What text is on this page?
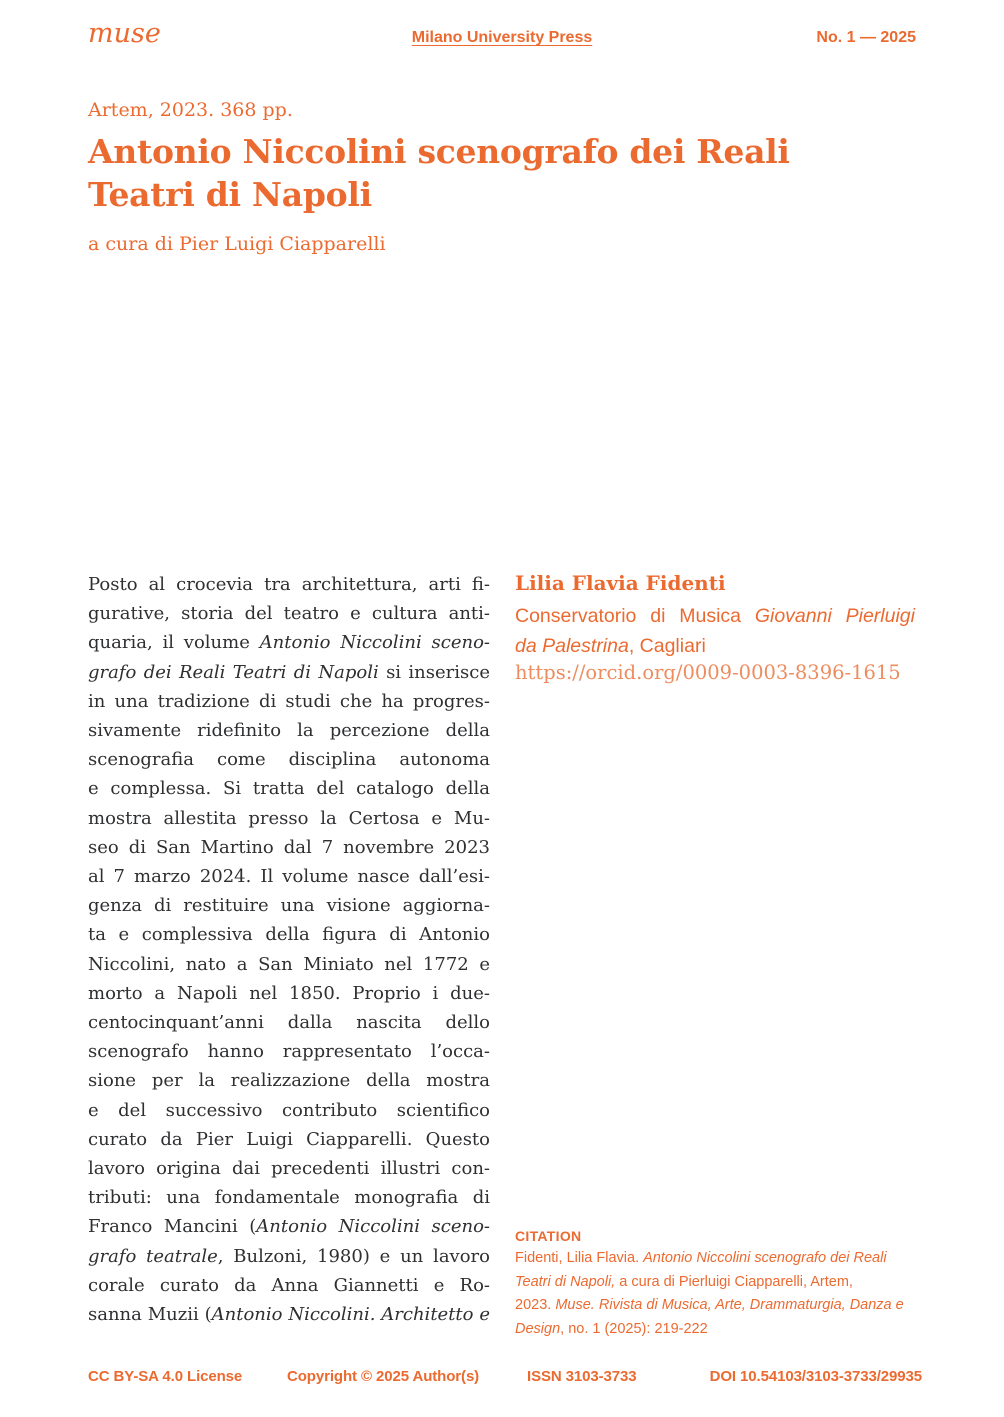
muse	Milano University Press	No. 1 — 2025
Artem, 2023. 368 pp.
Antonio Niccolini scenografo dei Reali
Teatri di Napoli
a cura di Pier Luigi Ciapparelli
Posto al crocevia tra architettura, arti fi-
gurative, storia del teatro e cultura anti-
quaria, il volume Antonio Niccolini sceno-
grafo dei Reali Teatri di Napoli si inserisce
in una tradizione di studi che ha progres-
sivamente ridefinito la percezione della
scenografia come disciplina autonoma
e complessa. Si tratta del catalogo della
mostra allestita presso la Certosa e Mu-
seo di San Martino dal 7 novembre 2023
al 7 marzo 2024. Il volume nasce dall’esi-
genza di restituire una visione aggiorna-
ta e complessiva della figura di Antonio
Niccolini, nato a San Miniato nel 1772 e
morto a Napoli nel 1850. Proprio i due-
centocinquant’anni dalla nascita dello
scenografo hanno rappresentato l’occa-
sione per la realizzazione della mostra
e del successivo contributo scientifico
curato da Pier Luigi Ciapparelli. Questo
lavoro origina dai precedenti illustri con-
tributi: una fondamentale monografia di
Franco Mancini (Antonio Niccolini sceno-
grafo teatrale, Bulzoni, 1980) e un lavoro
corale curato da Anna Giannetti e Ro-
sanna Muzii (Antonio Niccolini. Architetto e
Lilia Flavia Fidenti
Conservatorio di Musica Giovanni Pierluigi
da Palestrina, Cagliari
https://orcid.org/0009-0003-8396-1615
CITATION
Fidenti, Lilia Flavia. Antonio Niccolini scenografo dei Reali
Teatri di Napoli, a cura di Pierluigi Ciapparelli, Artem,
2023. Muse. Rivista di Musica, Arte, Drammaturgia, Danza e
Design, no. 1 (2025): 219-222
CC BY-SA 4.0 License	Copyright © 2025 Author(s)	ISSN 3103-3733	DOI 10.54103/3103-3733/29935
